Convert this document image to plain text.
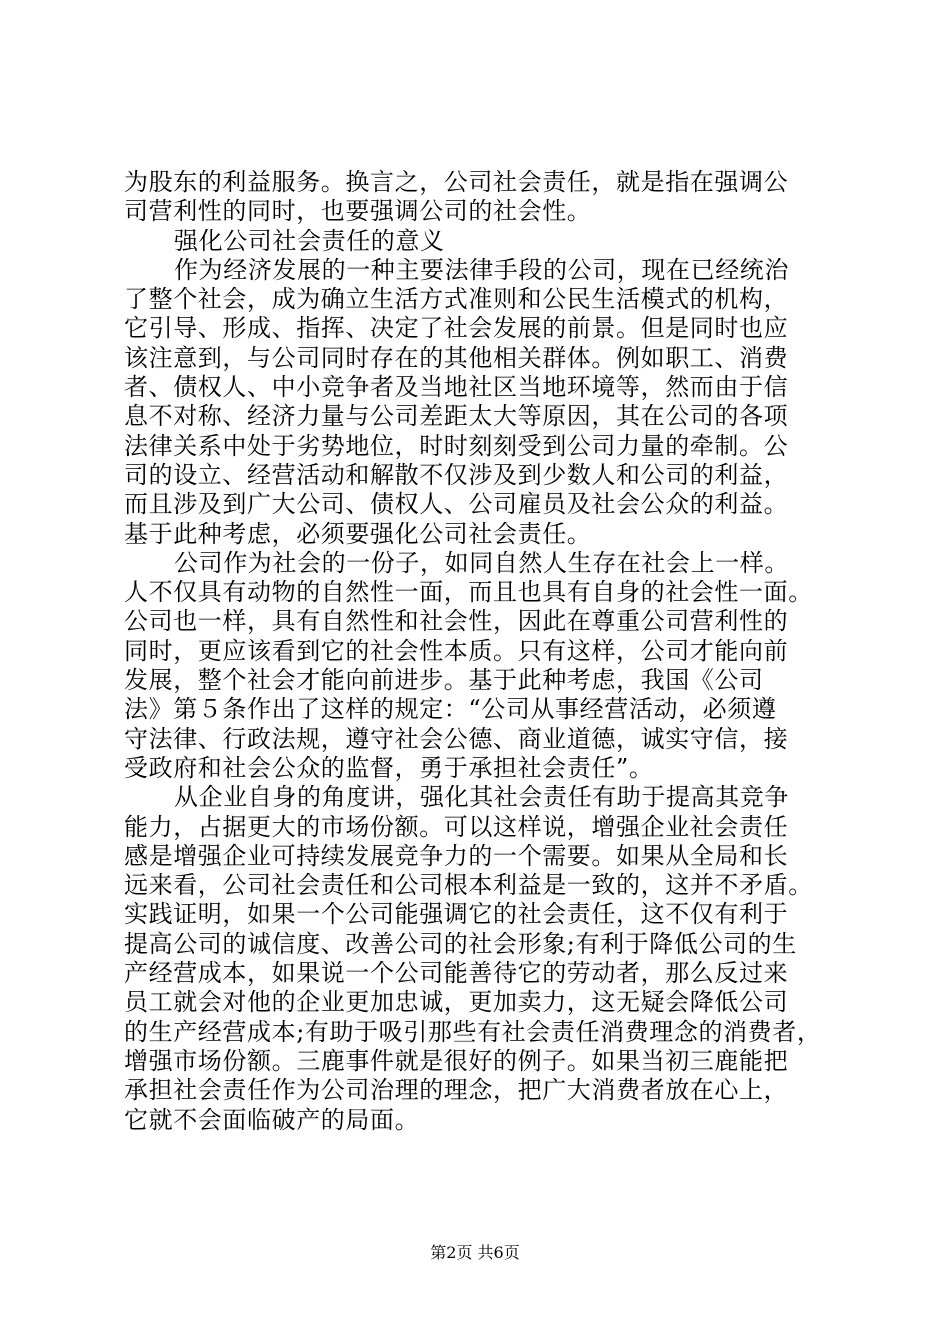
为股东的利益服务。换言之，公司社会责任，就是指在强调公
司营利性的同时，也要强调公司的社会性。
强化公司社会责任的意义
作为经济发展的一种主要法律手段的公司，现在已经统治
了整个社会，成为确立生活方式准则和公民生活模式的机构，
它引导、形成、指挥、决定了社会发展的前景。但是同时也应
该注意到，与公司同时存在的其他相关群体。例如职工、消费
者、债权人、中小竞争者及当地社区当地环境等，然而由于信
息不对称、经济力量与公司差距太大等原因，其在公司的各项
法律关系中处于劣势地位，时时刻刻受到公司力量的牵制。公
司的设立、经营活动和解散不仅涉及到少数人和公司的利益，
而且涉及到广大公司、债权人、公司雇员及社会公众的利益。
基于此种考虑，必须要强化公司社会责任。
公司作为社会的一份子，如同自然人生存在社会上一样。
人不仅具有动物的自然性一面，而且也具有自身的社会性一面。
公司也一样，具有自然性和社会性，因此在尊重公司营利性的
同时，更应该看到它的社会性本质。只有这样，公司才能向前
发展，整个社会才能向前进步。基于此种考虑，我国《公司
法》第５条作出了这样的规定：“公司从事经营活动，必须遵
守法律、行政法规，遵守社会公德、商业道德，诚实守信，接
受政府和社会公众的监督，勇于承担社会责任”。
从企业自身的角度讲，强化其社会责任有助于提高其竞争
能力，占据更大的市场份额。可以这样说，增强企业社会责任
感是增强企业可持续发展竞争力的一个需要。如果从全局和长
远来看，公司社会责任和公司根本利益是一致的，这并不矛盾。
实践证明，如果一个公司能强调它的社会责任，这不仅有利于
提高公司的诚信度、改善公司的社会形象;有利于降低公司的生
产经营成本，如果说一个公司能善待它的劳动者，那么反过来
员工就会对他的企业更加忠诚，更加卖力，这无疑会降低公司
的生产经营成本;有助于吸引那些有社会责任消费理念的消费者，
增强市场份额。三鹿事件就是很好的例子。如果当初三鹿能把
承担社会责任作为公司治理的理念，把广大消费者放在心上，
它就不会面临破产的局面。
第2页 共6页
